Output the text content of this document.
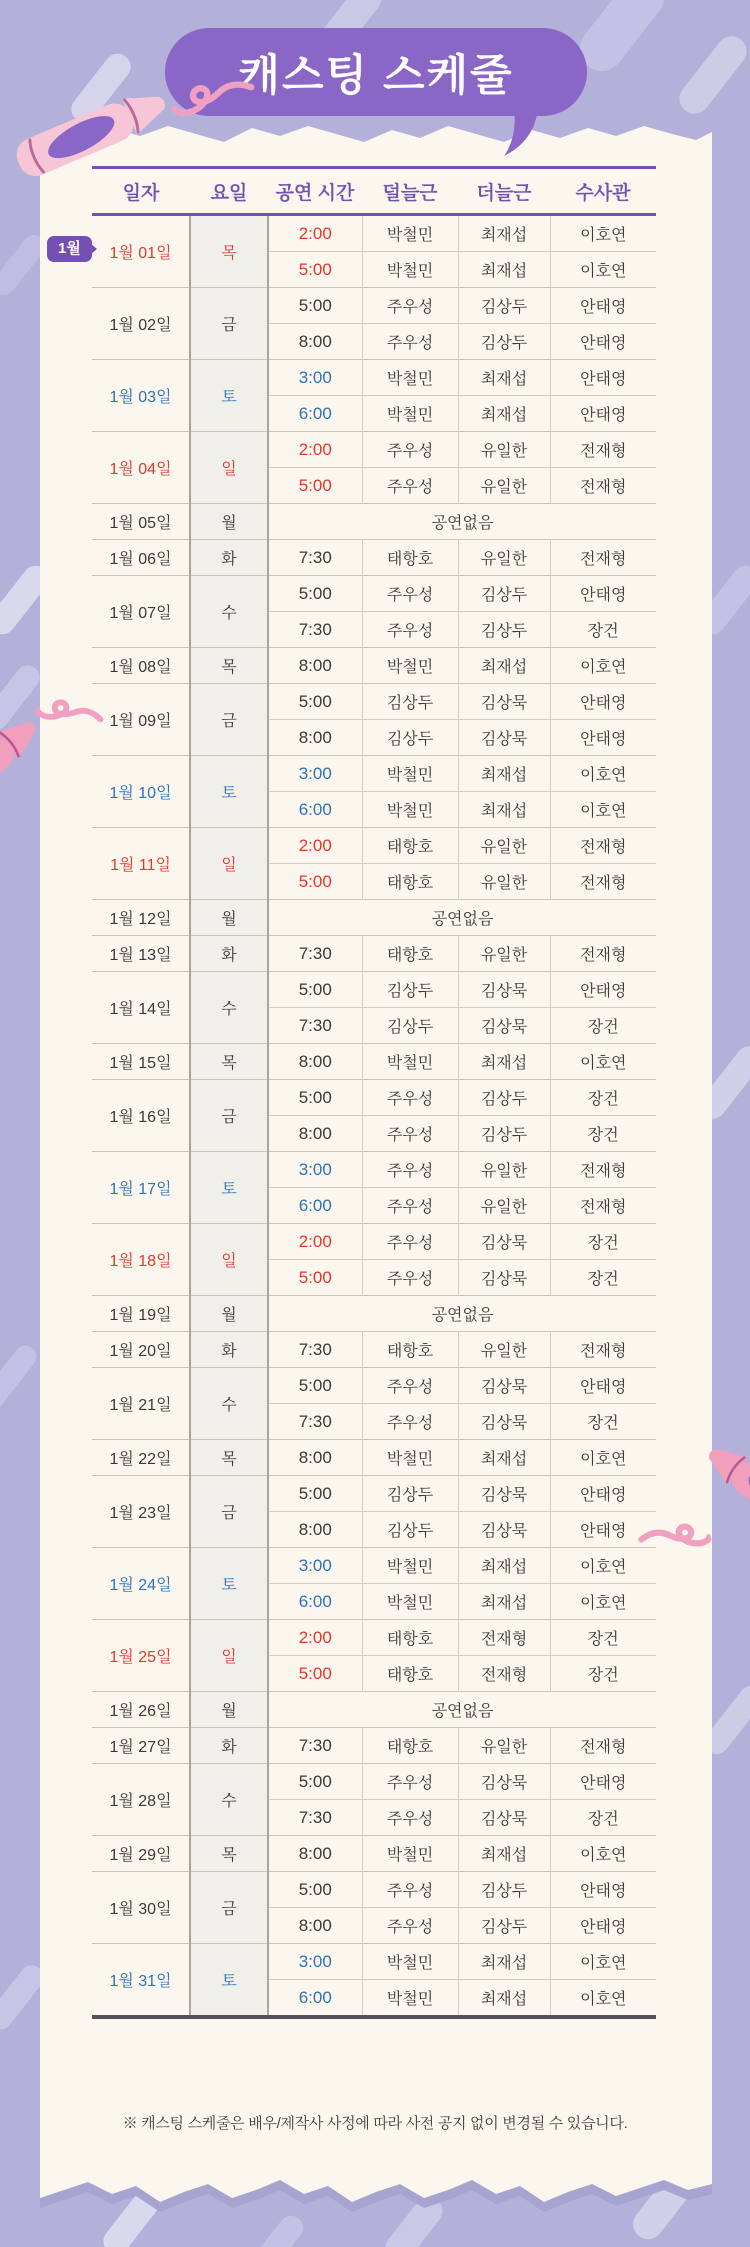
캐스팅 스케줄
일자	요일	공연 시간	덜늘근	더늘근	수사관
1월 01일	목	2:00	박철민	최재섭	이호연
		5:00	박철민	최재섭	이호연
1월 02일	금	5:00	주우성	김상두	안태영
		8:00	주우성	김상두	안태영
1월 03일	토	3:00	박철민	최재섭	안태영
		6:00	박철민	최재섭	안태영
1월 04일	일	2:00	주우성	유일한	전재형
		5:00	주우성	유일한	전재형
1월 05일	월	공연없음			
1월 06일	화	7:30	태항호	유일한	전재형
1월 07일	수	5:00	주우성	김상두	안태영
		7:30	주우성	김상두	장건
1월 08일	목	8:00	박철민	최재섭	이호연
1월 09일	금	5:00	김상두	김상묵	안태영
		8:00	김상두	김상묵	안태영
1월 10일	토	3:00	박철민	최재섭	이호연
		6:00	박철민	최재섭	이호연
1월 11일	일	2:00	태항호	유일한	전재형
		5:00	태항호	유일한	전재형
1월 12일	월	공연없음			
1월 13일	화	7:30	태항호	유일한	전재형
1월 14일	수	5:00	김상두	김상묵	안태영
		7:30	김상두	김상묵	장건
1월 15일	목	8:00	박철민	최재섭	이호연
1월 16일	금	5:00	주우성	김상두	장건
		8:00	주우성	김상두	장건
1월 17일	토	3:00	주우성	유일한	전재형
		6:00	주우성	유일한	전재형
1월 18일	일	2:00	주우성	김상묵	장건
		5:00	주우성	김상묵	장건
1월 19일	월	공연없음			
1월 20일	화	7:30	태항호	유일한	전재형
1월 21일	수	5:00	주우성	김상묵	안태영
		7:30	주우성	김상묵	장건
1월 22일	목	8:00	박철민	최재섭	이호연
1월 23일	금	5:00	김상두	김상묵	안태영
		8:00	김상두	김상묵	안태영
1월 24일	토	3:00	박철민	최재섭	이호연
		6:00	박철민	최재섭	이호연
1월 25일	일	2:00	태항호	전재형	장건
		5:00	태항호	전재형	장건
1월 26일	월	공연없음			
1월 27일	화	7:30	태항호	유일한	전재형
1월 28일	수	5:00	주우성	김상묵	안태영
		7:30	주우성	김상묵	장건
1월 29일	목	8:00	박철민	최재섭	이호연
1월 30일	금	5:00	주우성	김상두	안태영
		8:00	주우성	김상두	안태영
1월 31일	토	3:00	박철민	최재섭	이호연
		6:00	박철민	최재섭	이호연
1월
※ 캐스팅 스케줄은 배우/제작사 사정에 따라 사전 공지 없이 변경될 수 있습니다.
